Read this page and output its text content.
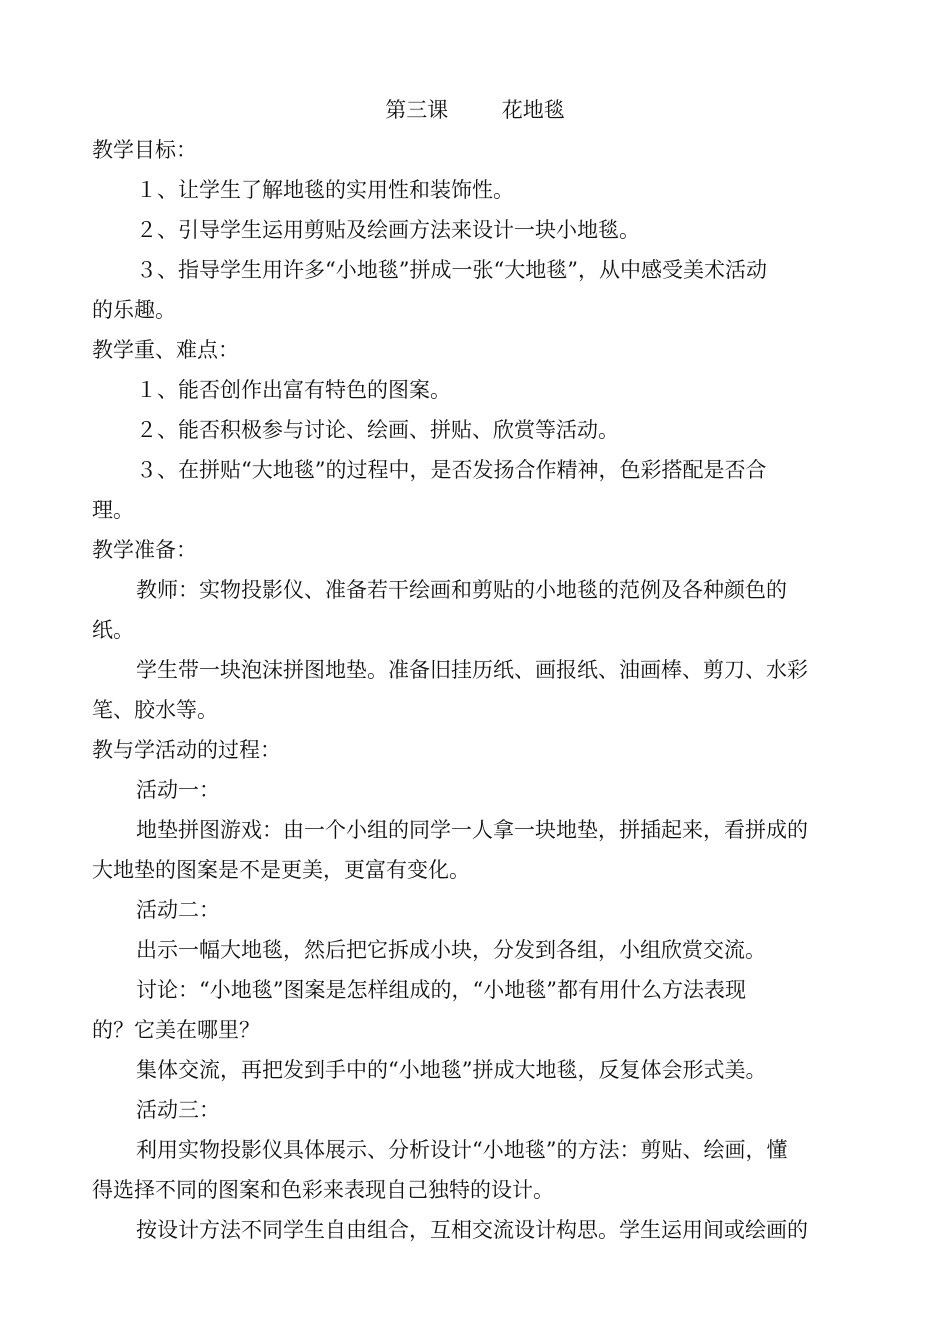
第三课        花地毯
教学目标：
１、让学生了解地毯的实用性和装饰性。
２、引导学生运用剪贴及绘画方法来设计一块小地毯。
３、指导学生用许多“小地毯”拼成一张“大地毯”，从中感受美术活动
的乐趣。
教学重、难点：
１、能否创作出富有特色的图案。
２、能否积极参与讨论、绘画、拼贴、欣赏等活动。
３、在拼贴“大地毯”的过程中，是否发扬合作精神，色彩搭配是否合
理。
教学准备：
教师：实物投影仪、准备若干绘画和剪贴的小地毯的范例及各种颜色的
纸。
学生带一块泡沫拼图地垫。准备旧挂历纸、画报纸、油画棒、剪刀、水彩
笔、胶水等。
教与学活动的过程：
活动一：
地垫拼图游戏：由一个小组的同学一人拿一块地垫，拼插起来，看拼成的
大地垫的图案是不是更美，更富有变化。
活动二：
出示一幅大地毯，然后把它拆成小块，分发到各组，小组欣赏交流。
讨论：“小地毯”图案是怎样组成的，“小地毯”都有用什么方法表现
的？它美在哪里？
集体交流，再把发到手中的“小地毯”拼成大地毯，反复体会形式美。
活动三：
利用实物投影仪具体展示、分析设计“小地毯”的方法：剪贴、绘画，懂
得选择不同的图案和色彩来表现自己独特的设计。
按设计方法不同学生自由组合，互相交流设计构思。学生运用间或绘画的
